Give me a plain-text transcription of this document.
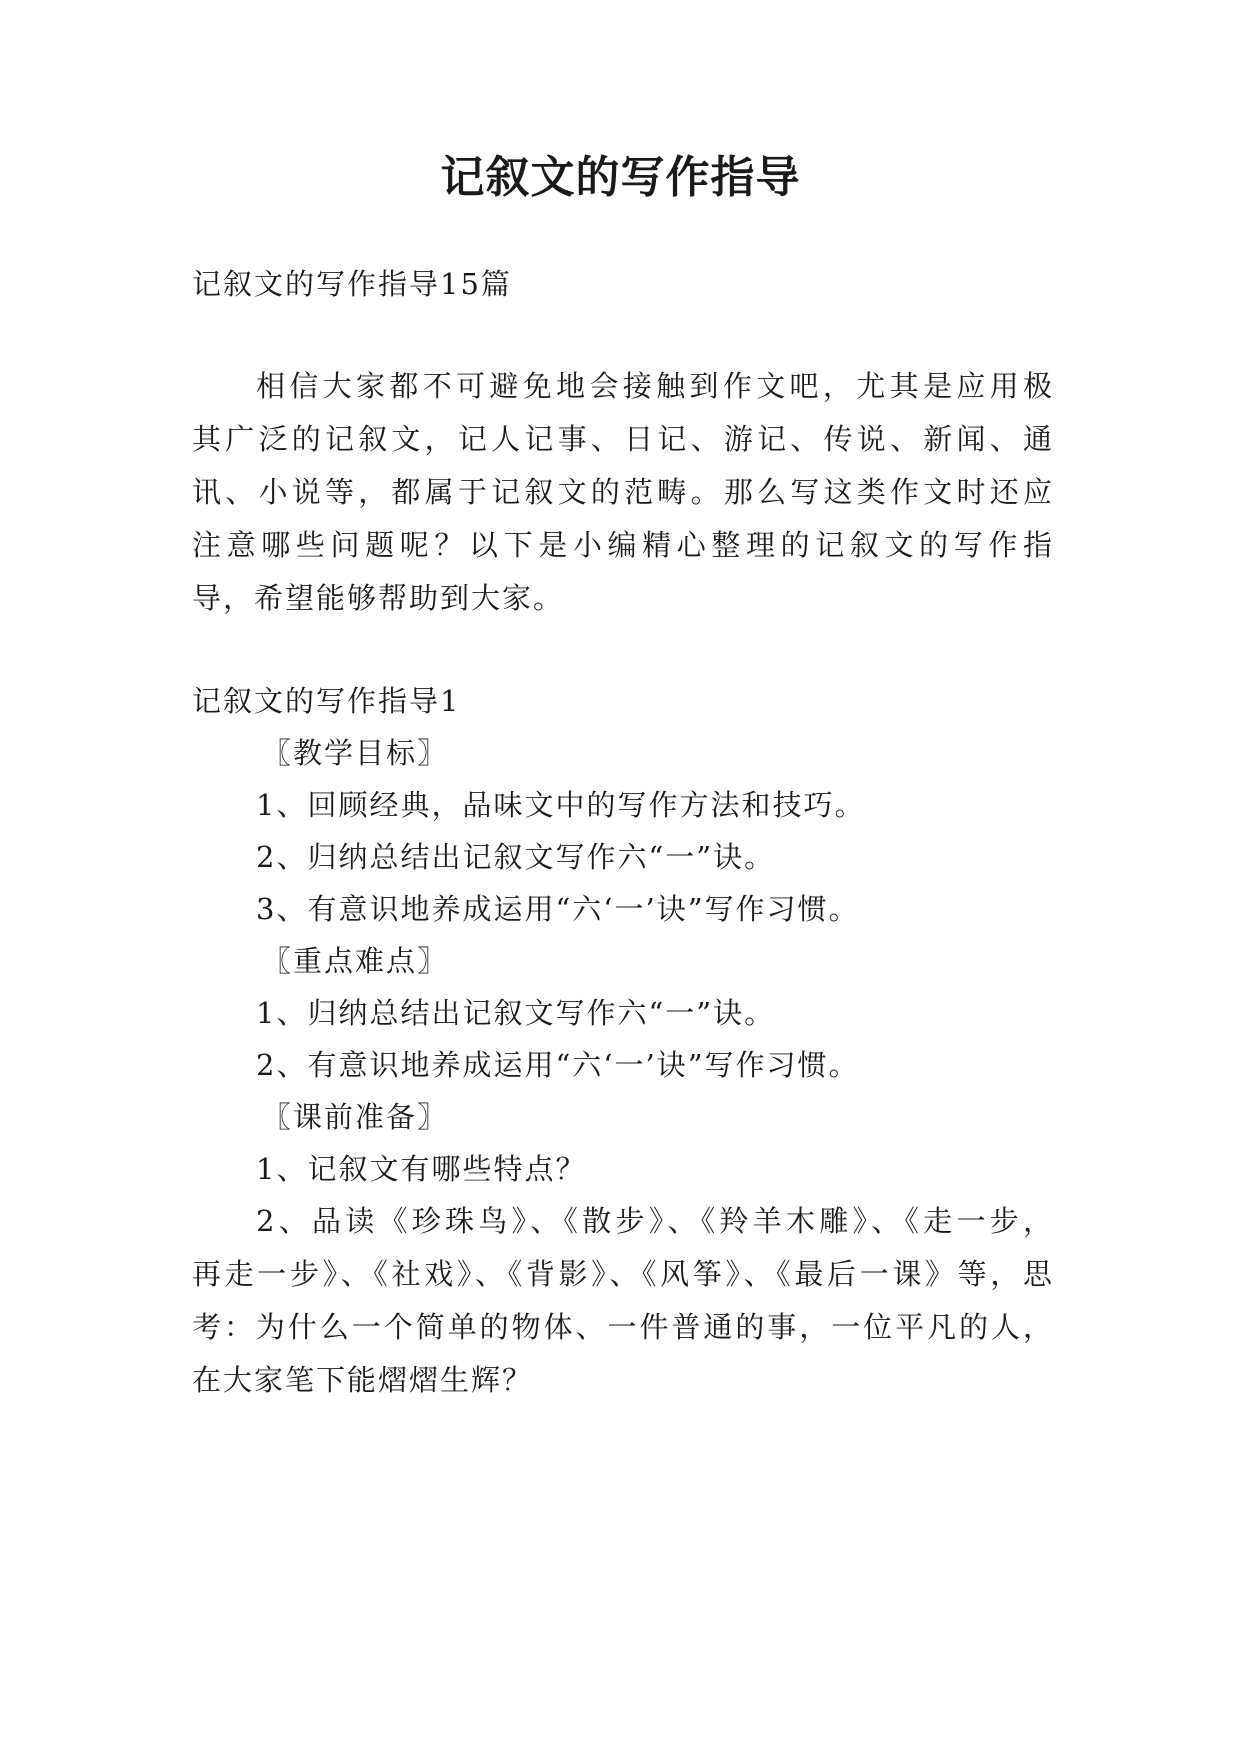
记叙文的写作指导
记叙文的写作指导15篇
相信大家都不可避免地会接触到作文吧，尤其是应用极
其广泛的记叙文，记人记事、日记、游记、传说、新闻、通
讯、小说等，都属于记叙文的范畴。那么写这类作文时还应
注意哪些问题呢？以下是小编精心整理的记叙文的写作指
导，希望能够帮助到大家。
记叙文的写作指导1
〖教学目标〗
1、回顾经典，品味文中的写作方法和技巧。
2、归纳总结出记叙文写作六“一”诀。
3、有意识地养成运用“六‘一’诀”写作习惯。
〖重点难点〗
1、归纳总结出记叙文写作六“一”诀。
2、有意识地养成运用“六‘一’诀”写作习惯。
〖课前准备〗
1、记叙文有哪些特点？
2、品读《珍珠鸟》、《散步》、《羚羊木雕》、《走一步，
再走一步》、《社戏》、《背影》、《风筝》、《最后一课》等，思
考：为什么一个简单的物体、一件普通的事，一位平凡的人，
在大家笔下能熠熠生辉？
